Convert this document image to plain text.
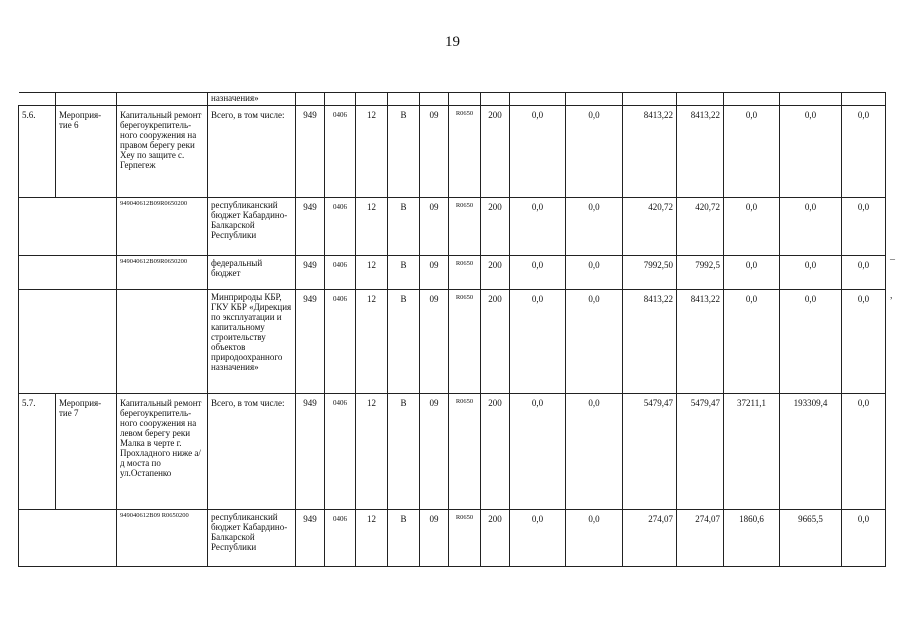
19
			назначения»														
5.6.	Мероприя- тие 6	Капитальный ремонт берегоукрепитель- ного сооружения на правом берегу реки Хеу по защите с. Герпегеж	Всего, в том числе:	949	0406	12	В	09	R0650	200	0,0	0,0	8413,22	8413,22	0,0	0,0	0,0
		949040612В09R0650200	республиканский бюджет Кабардино- Балкарской Республики	949	0406	12	В	09	R0650	200	0,0	0,0	420,72	420,72	0,0	0,0	0,0
		949040612В09R0650200	федеральный бюджет	949	0406	12	В	09	R0650	200	0,0	0,0	7992,50	7992,5	0,0	0,0	0,0
			Минприроды КБР, ГКУ КБР «Дирекция по эксплуатации и капитальному строительству объектов природоохранного назначения»	949	0406	12	В	09	R0650	200	0,0	0,0	8413,22	8413,22	0,0	0,0	0,0
5.7.	Мероприя- тие 7	Капитальный ремонт берегоукрепитель- ного сооружения на левом берегу реки Малка в черте г. Прохладного ниже а/д моста по ул.Остапенко	Всего, в том числе:	949	0406	12	В	09	R0650	200	0,0	0,0	5479,47	5479,47	37211,1	193309,4	0,0
		949040612В09 R0650200	республиканский бюджет Кабардино- Балкарской Республики	949	0406	12	В	09	R0650	200	0,0	0,0	274,07	274,07	1860,6	9665,5	0,0
–
,
